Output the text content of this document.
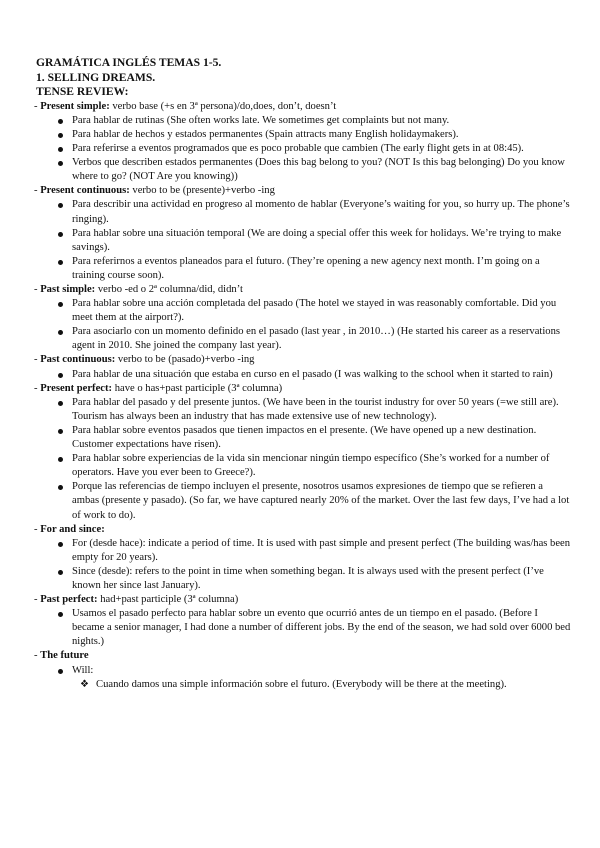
GRAMÁTICA INGLÉS TEMAS 1-5.
1. SELLING DREAMS.
TENSE REVIEW:
- Present simple: verbo base (+s en 3ª persona)/do,does, don’t, doesn’t
Para hablar de rutinas (She often works late. We sometimes get complaints but not many.
Para hablar de hechos y estados permanentes (Spain attracts many English holidaymakers).
Para referirse a eventos programados que es poco probable que cambien (The early flight gets in at 08:45).
Verbos que describen estados permanentes (Does this bag belong to you? (NOT Is this bag belonging) Do you know where to go? (NOT Are you knowing))
- Present continuous: verbo to be (presente)+verbo -ing
Para describir una actividad en progreso al momento de hablar (Everyone’s waiting for you, so hurry up. The phone’s ringing).
Para hablar sobre una situación temporal (We are doing a special offer this week for holidays. We’re trying to make savings).
Para referirnos a eventos planeados para el futuro. (They’re opening a new agency next month. I’m going on a training course soon).
- Past simple: verbo -ed o 2ª columna/did, didn’t
Para hablar sobre una acción completada del pasado (The hotel we stayed in was reasonably comfortable. Did you meet them at the airport?).
Para asociarlo con un momento definido en el pasado (last year , in 2010…) (He started his career as a reservations agent in 2010. She joined the company last year).
- Past continuous: verbo to be (pasado)+verbo -ing
Para hablar de una situación que estaba en curso en el pasado (I was walking to the school when it started to rain)
- Present perfect: have o has+past participle (3ª columna)
Para hablar del pasado y del presente juntos. (We have been in the tourist industry for over 50 years (=we still are). Tourism has always been an industry that has made extensive use of new technology).
Para hablar sobre eventos pasados que tienen impactos en el presente. (We have opened up a new destination. Customer expectations have risen).
Para hablar sobre experiencias de la vida sin mencionar ningún tiempo específico (She’s worked for a number of operators. Have you ever been to Greece?).
Porque las referencias de tiempo incluyen el presente, nosotros usamos expresiones de tiempo que se refieren a ambas (presente y pasado). (So far, we have captured nearly 20% of the market. Over the last few days, I’ve had a lot of work to do).
- For and since:
For (desde hace): indicate a period of time. It is used with past simple and present perfect (The building was/has been empty for 20 years).
Since (desde): refers to the point in time when something began. It is always used with the present perfect (I’ve known her since last January).
- Past perfect: had+past participle (3ª columna)
Usamos el pasado perfecto para hablar sobre un evento que ocurrió antes de un tiempo en el pasado. (Before I became a senior manager, I had done a number of different jobs. By the end of the season, we had sold over 6000 bed nights.)
- The future
Will:
❖ Cuando damos una simple información sobre el futuro. (Everybody will be there at the meeting).
